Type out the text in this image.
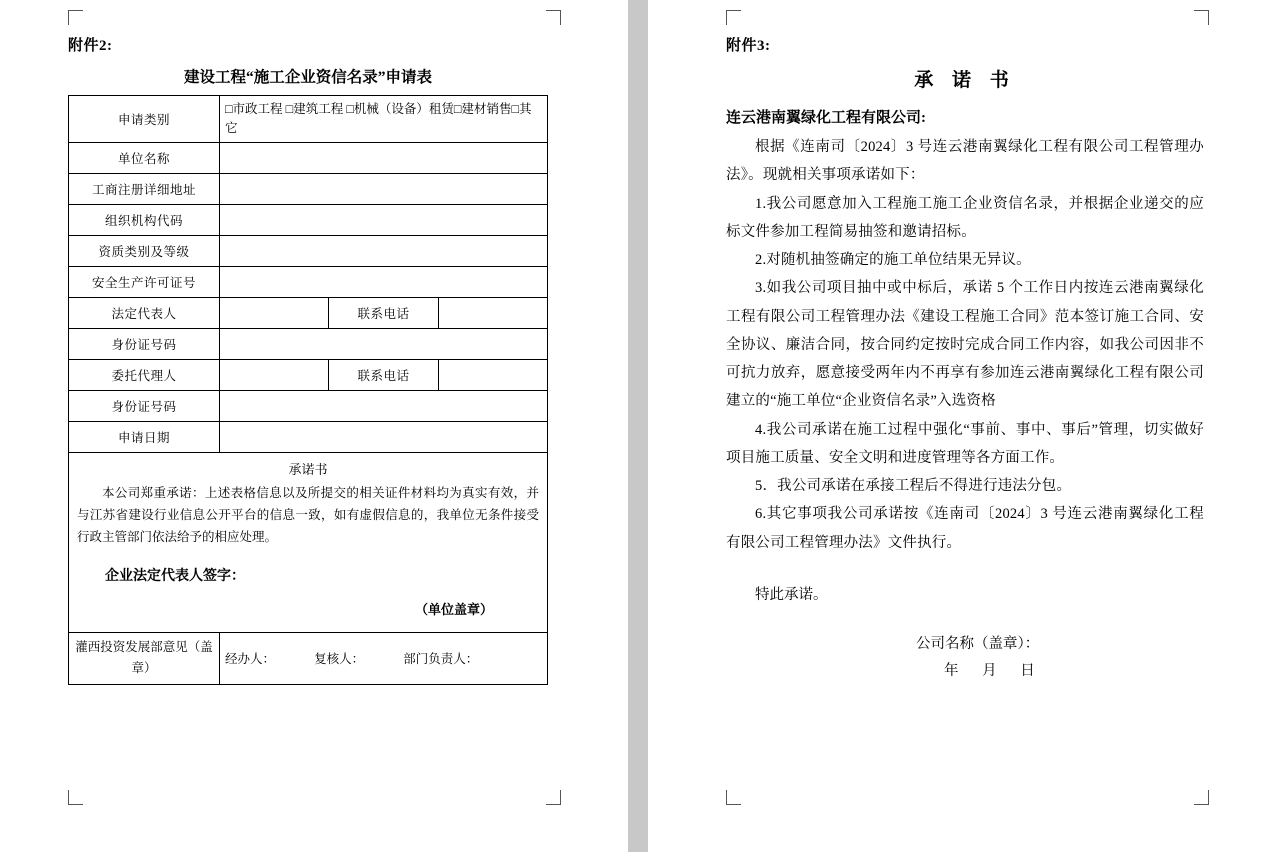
附件2:
建设工程“施工企业资信名录”申请表
申请类别	□市政工程 □建筑工程 □机械（设备）租赁□建材销售□其它		
单位名称			
工商注册详细地址			
组织机构代码			
资质类别及等级			
安全生产许可证号			
法定代表人		联系电话	
身份证号码			
委托代理人		联系电话	
身份证号码			
申请日期			

承诺书
本公司郑重承诺：上述表格信息以及所提交的相关证件材料均为真实有效，并与江苏省建设行业信息公开平台的信息一致，如有虚假信息的，我单位无条件接受行政主管部门依法给予的相应处理。
企业法定代表人签字：
（单位盖章）			

灌西投资发展部意见（盖章）	经办人： 复核人： 部门负责人：		
附件3:
承 诺 书
连云港南翼绿化工程有限公司:
根据《连南司〔2024〕3 号连云港南翼绿化工程有限公司工程管理办法》。现就相关事项承诺如下：
1.我公司愿意加入工程施工施工企业资信名录，并根据企业递交的应标文件参加工程简易抽签和邀请招标。
2.对随机抽签确定的施工单位结果无异议。
3.如我公司项目抽中或中标后，承诺 5 个工作日内按连云港南翼绿化工程有限公司工程管理办法《建设工程施工合同》范本签订施工合同、安全协议、廉洁合同，按合同约定按时完成合同工作内容，如我公司因非不可抗力放弃，愿意接受两年内不再享有参加连云港南翼绿化工程有限公司建立的“施工单位“企业资信名录”入选资格
4.我公司承诺在施工过程中强化“事前、事中、事后”管理，切实做好项目施工质量、安全文明和进度管理等各方面工作。
5．我公司承诺在承接工程后不得进行违法分包。
6.其它事项我公司承诺按《连南司〔2024〕3 号连云港南翼绿化工程有限公司工程管理办法》文件执行。
特此承诺。
公司名称（盖章）：
年 月 日
